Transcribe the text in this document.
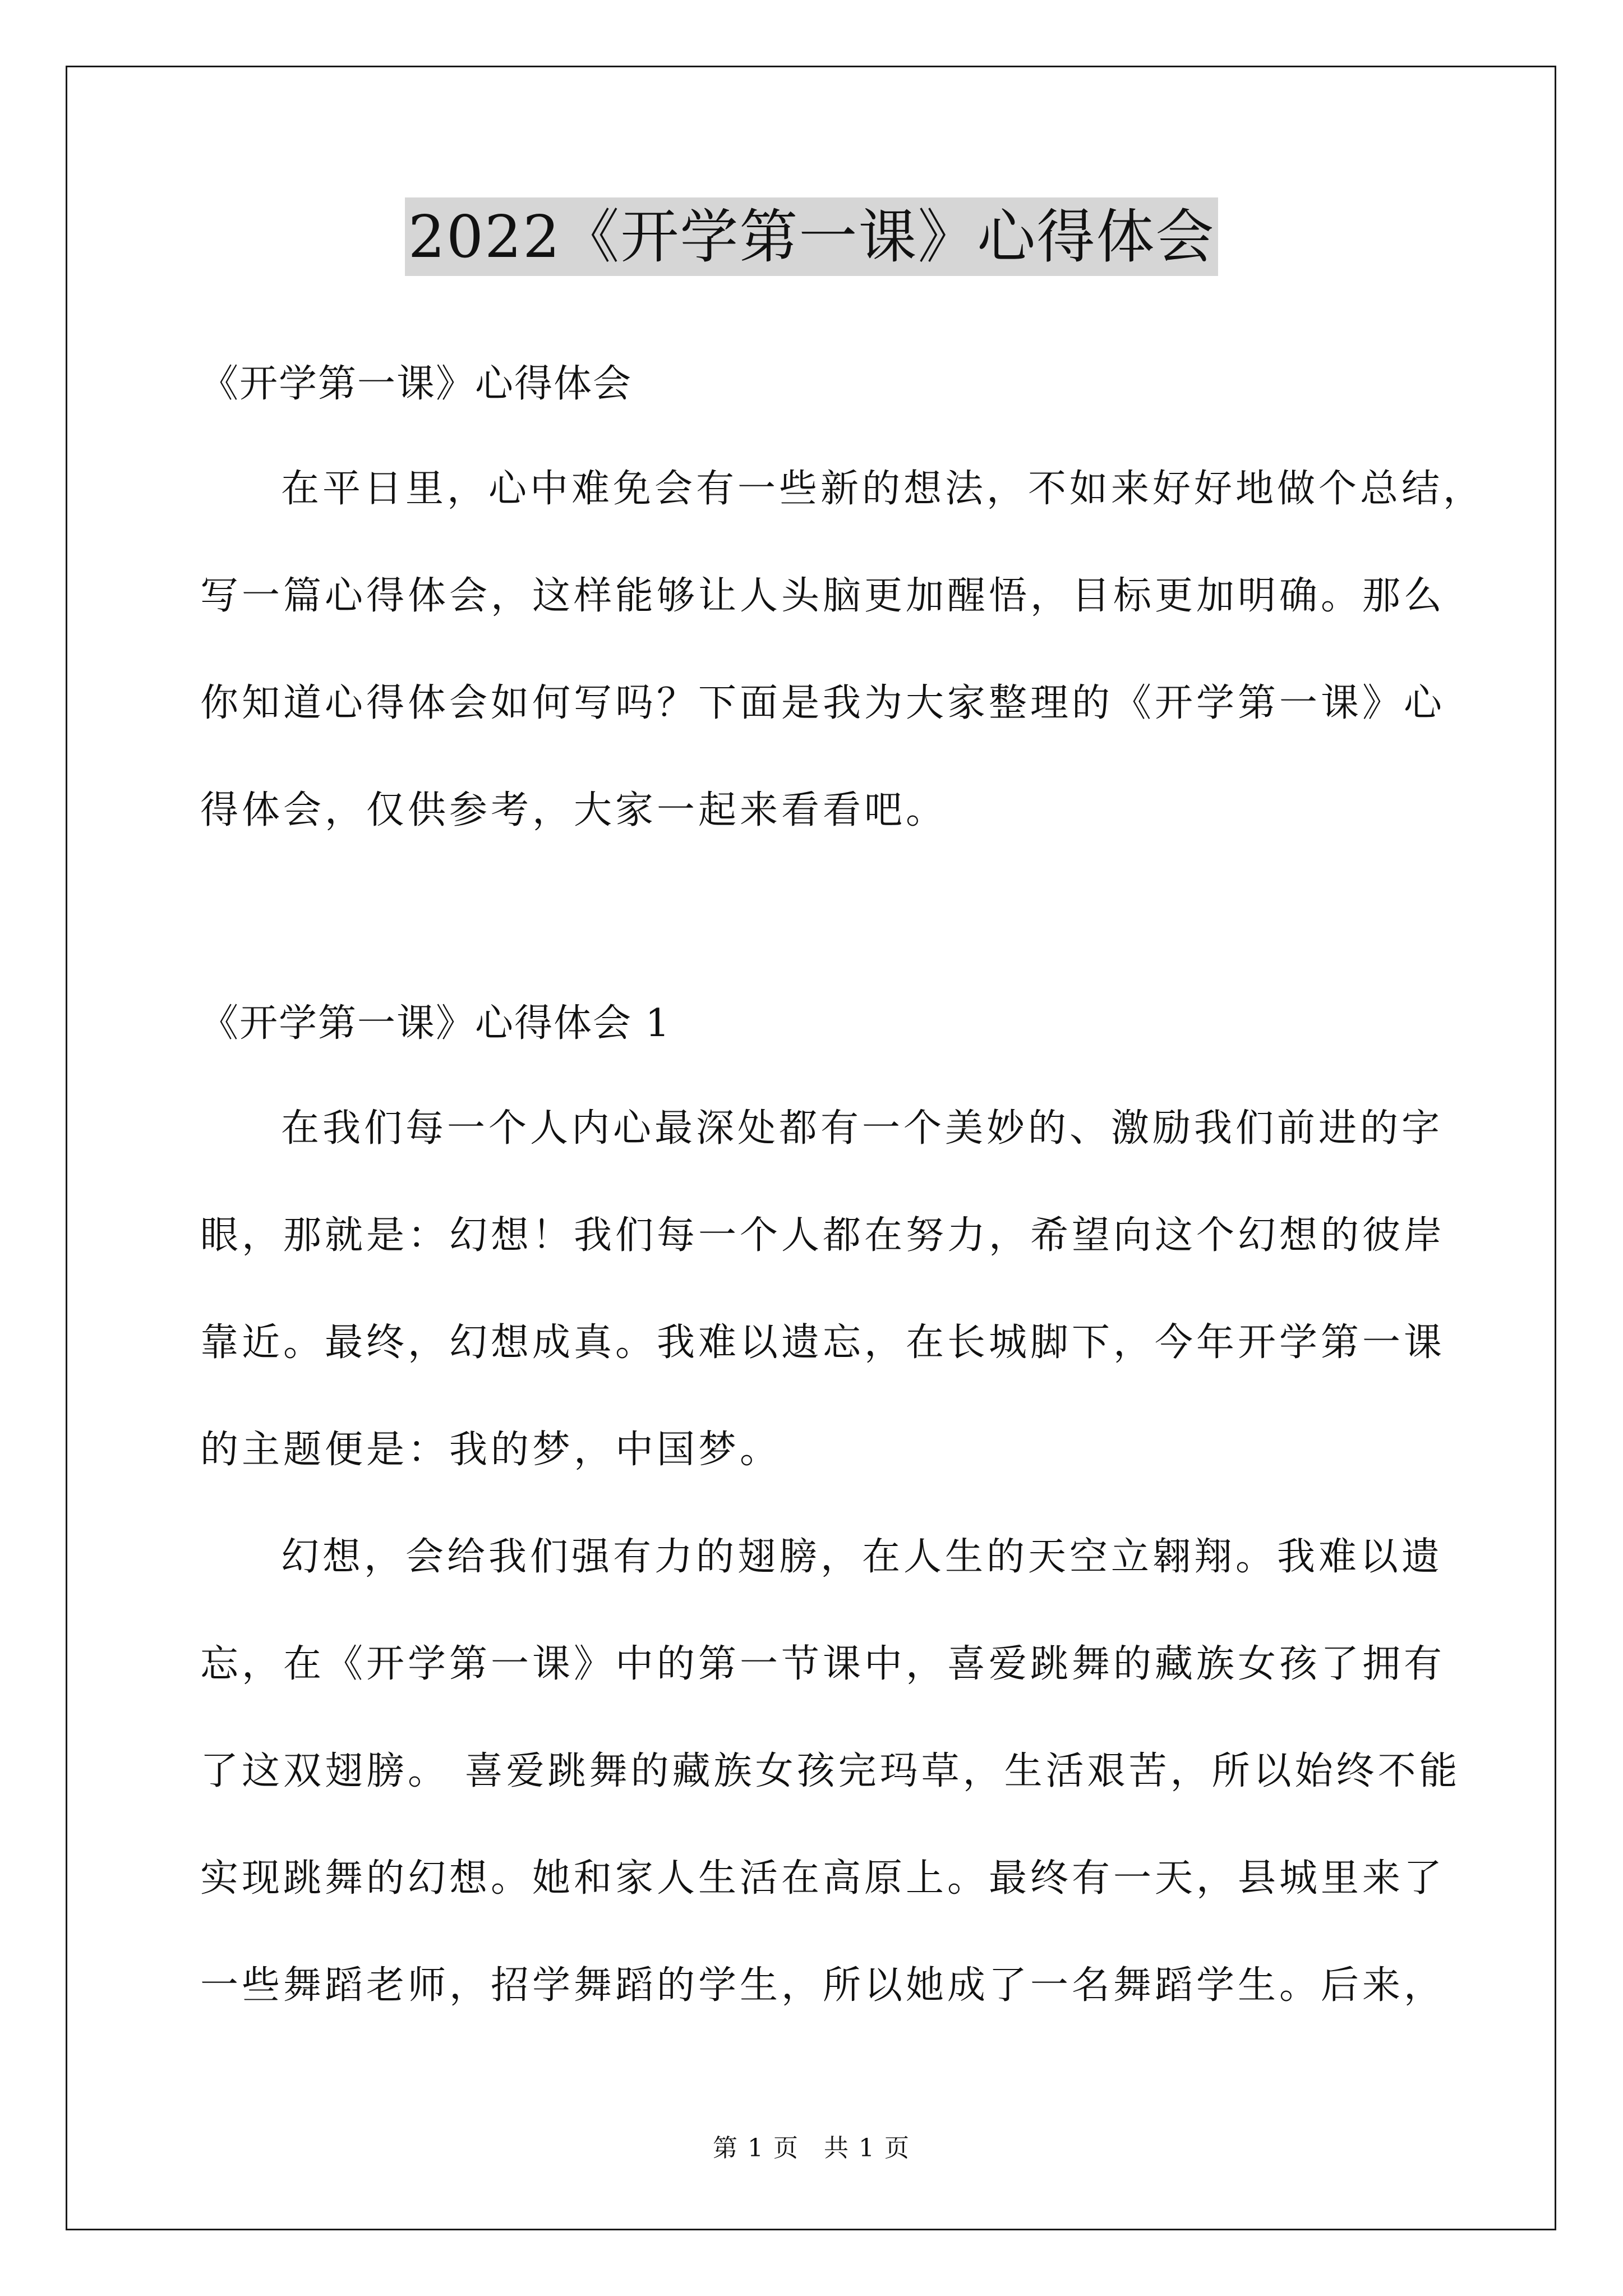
2022《开学第一课》心得体会
《开学第一课》心得体会
在平日里，心中难免会有一些新的想法，不如来好好地做个总结，
写一篇心得体会，这样能够让人头脑更加醒悟，目标更加明确。那么
你知道心得体会如何写吗？下面是我为大家整理的《开学第一课》心
得体会，仅供参考，大家一起来看看吧。
《开学第一课》心得体会 1
在我们每一个人内心最深处都有一个美妙的、激励我们前进的字
眼，那就是：幻想！我们每一个人都在努力，希望向这个幻想的彼岸
靠近。最终，幻想成真。我难以遗忘，在长城脚下，今年开学第一课
的主题便是：我的梦，中国梦。
幻想，会给我们强有力的翅膀，在人生的天空立翱翔。我难以遗
忘，在《开学第一课》中的第一节课中，喜爱跳舞的藏族女孩了拥有
了这双翅膀。 喜爱跳舞的藏族女孩完玛草，生活艰苦，所以始终不能
实现跳舞的幻想。她和家人生活在高原上。最终有一天，县城里来了
一些舞蹈老师，招学舞蹈的学生，所以她成了一名舞蹈学生。后来，
第 1 页 共 1 页
